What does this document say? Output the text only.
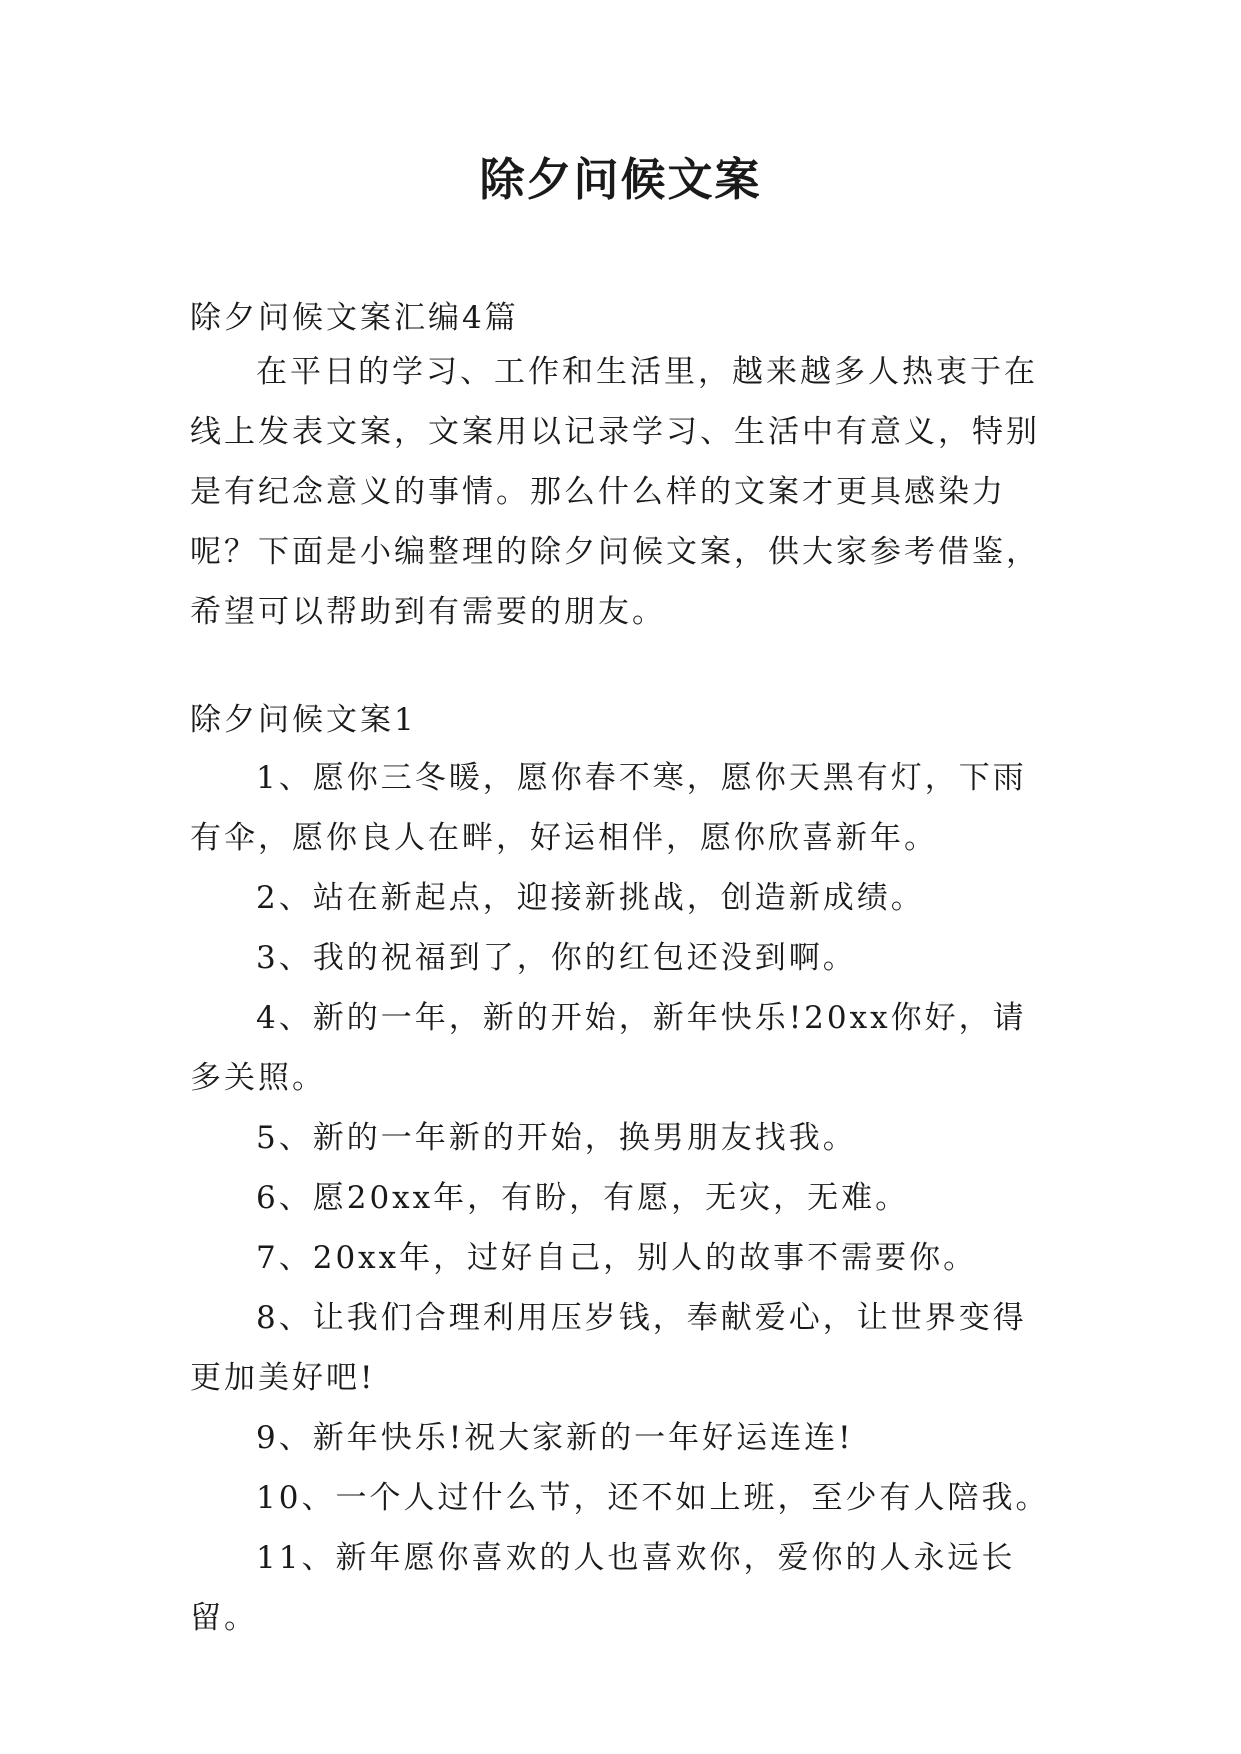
除夕问候文案
除夕问候文案汇编4篇
在平日的学习、工作和生活里，越来越多人热衷于在线上发表文案，文案用以记录学习、生活中有意义，特别是有纪念意义的事情。那么什么样的文案才更具感染力呢？下面是小编整理的除夕问候文案，供大家参考借鉴，希望可以帮助到有需要的朋友。
除夕问候文案1

1、愿你三冬暖，愿你春不寒，愿你天黑有灯，下雨有伞，愿你良人在畔，好运相伴，愿你欣喜新年。

2、站在新起点，迎接新挑战，创造新成绩。

3、我的祝福到了，你的红包还没到啊。

4、新的一年，新的开始，新年快乐!20xx你好，请多关照。

5、新的一年新的开始，换男朋友找我。

6、愿20xx年，有盼，有愿，无灾，无难。

7、20xx年，过好自己，别人的故事不需要你。

8、让我们合理利用压岁钱，奉献爱心，让世界变得更加美好吧!

9、新年快乐!祝大家新的一年好运连连!

10、一个人过什么节，还不如上班，至少有人陪我。

11、新年愿你喜欢的人也喜欢你，爱你的人永远长留。
